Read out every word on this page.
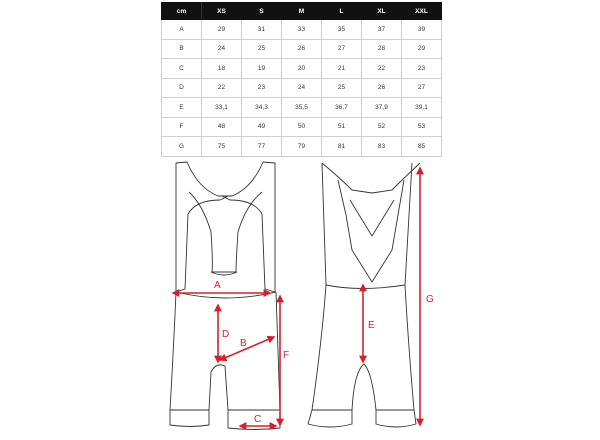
cm	XS	S	M	L	XL	XXL
A	29	31	33	35	37	39
B	24	25	26	27	28	29
C	18	19	20	21	22	23
D	22	23	24	25	26	27
E	33,1	34,3	35,5	36,7	37,9	39,1
F	48	49	50	51	52	53
G	75	77	79	81	83	85
A
B
C
D
F
E
G
